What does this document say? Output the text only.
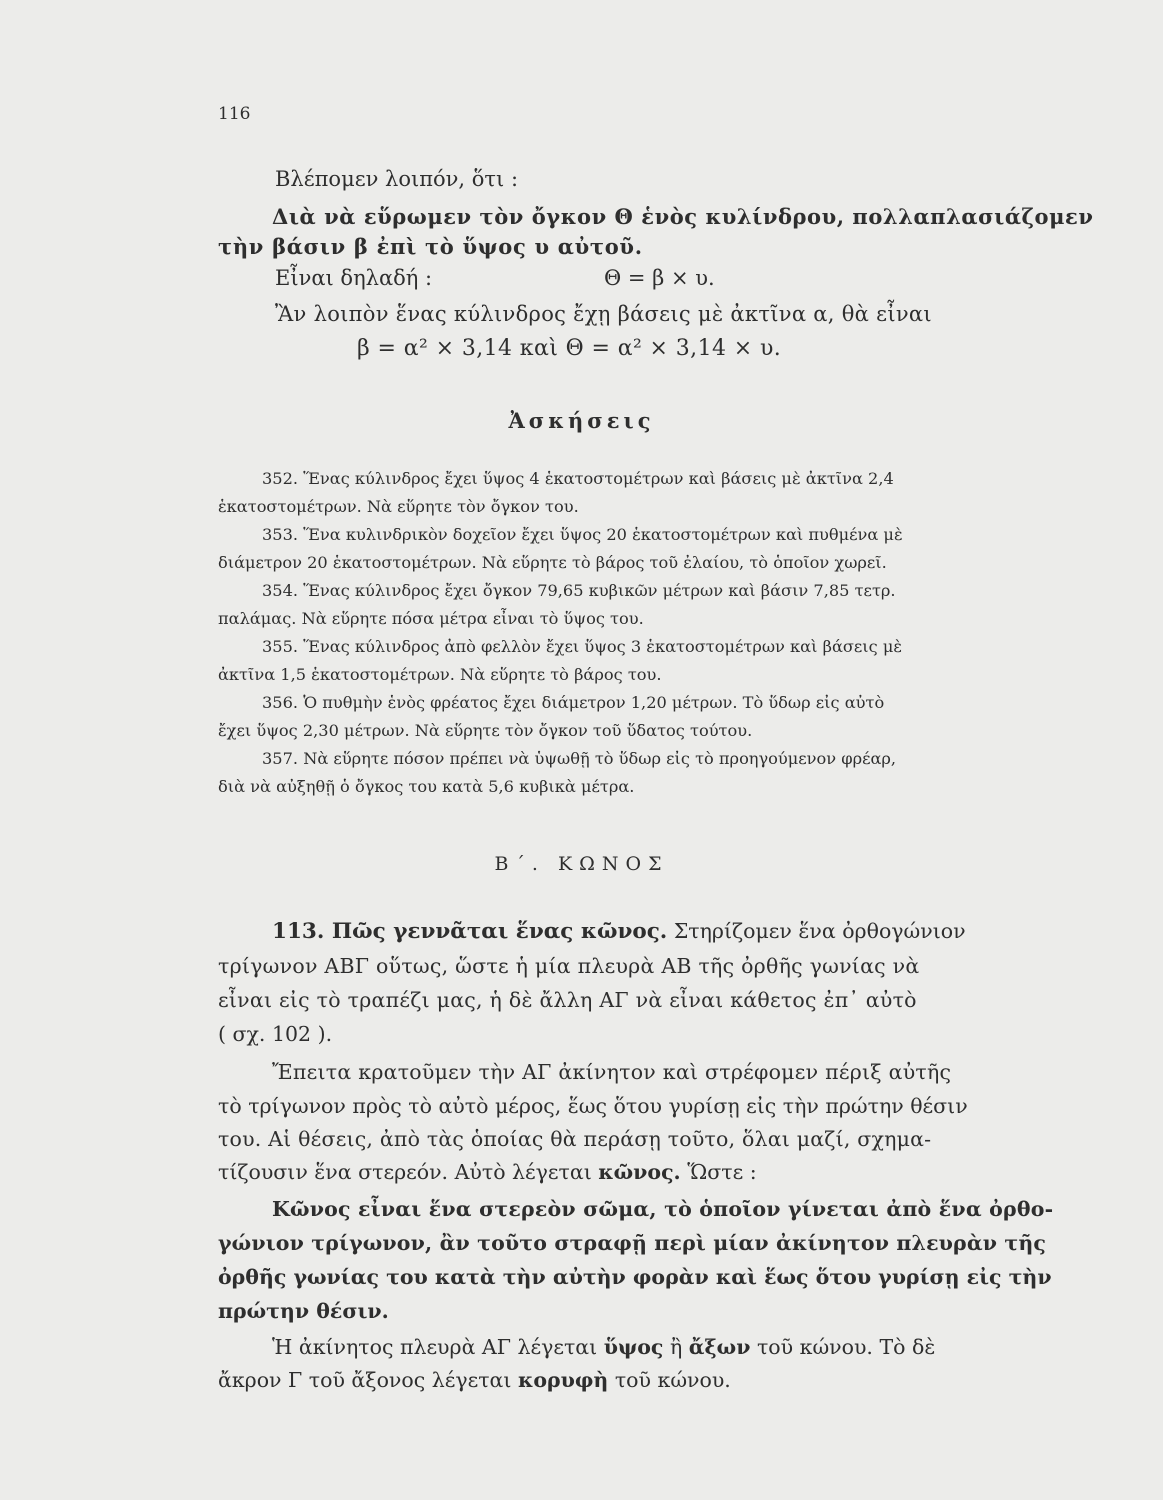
116
Βλέπομεν λοιπόν, ὅτι :
Διὰ νὰ εὕρωμεν τὸν ὄγκον Θ ἑνὸς κυλίνδρου, πολλαπλασιάζομεν
τὴν βάσιν β ἐπὶ τὸ ὕψος υ αὐτοῦ.
Εἶναι δηλαδή :	Θ = β × υ.
Ἂν λοιπὸν ἕνας κύλινδρος ἔχῃ βάσεις μὲ ἀκτῖνα α, θὰ εἶναι
β = α² × 3,14 καὶ Θ = α² × 3,14 × υ.
Ἀσκήσεις
352. Ἕνας κύλινδρος ἔχει ὕψος 4 ἑκατοστομέτρων καὶ βάσεις μὲ ἀκτῖνα 2,4
ἑκατοστομέτρων. Νὰ εὕρητε τὸν ὄγκον του.
353. Ἕνα κυλινδρικὸν δοχεῖον ἔχει ὕψος 20 ἑκατοστομέτρων καὶ πυθμένα μὲ
διάμετρον 20 ἑκατοστομέτρων. Νὰ εὕρητε τὸ βάρος τοῦ ἐλαίου, τὸ ὁποῖον χωρεῖ.
354. Ἕνας κύλινδρος ἔχει ὄγκον 79,65 κυβικῶν μέτρων καὶ βάσιν 7,85 τετρ.
παλάμας. Νὰ εὕρητε πόσα μέτρα εἶναι τὸ ὕψος του.
355. Ἕνας κύλινδρος ἀπὸ φελλὸν ἔχει ὕψος 3 ἑκατοστομέτρων καὶ βάσεις μὲ
ἀκτῖνα 1,5 ἑκατοστομέτρων. Νὰ εὕρητε τὸ βάρος του.
356. Ὁ πυθμὴν ἑνὸς φρέατος ἔχει διάμετρον 1,20 μέτρων. Τὸ ὕδωρ εἰς αὐτὸ
ἔχει ὕψος 2,30 μέτρων. Νὰ εὕρητε τὸν ὄγκον τοῦ ὕδατος τούτου.
357. Νὰ εὕρητε πόσον πρέπει νὰ ὑψωθῇ τὸ ὕδωρ εἰς τὸ προηγούμενον φρέαρ,
διὰ νὰ αὐξηθῇ ὁ ὄγκος του κατὰ 5,6 κυβικὰ μέτρα.
Β΄. ΚΩΝΟΣ
113. Πῶς γεννᾶται ἕνας κῶνος. Στηρίζομεν ἕνα ὀρθογώνιον
τρίγωνον ΑΒΓ οὕτως, ὥστε ἡ μία πλευρὰ ΑΒ τῆς ὀρθῆς γωνίας νὰ
εἶναι εἰς τὸ τραπέζι μας, ἡ δὲ ἄλλη ΑΓ νὰ εἶναι κάθετος ἐπ᾽ αὐτὸ
( σχ. 102 ).
Ἔπειτα κρατοῦμεν τὴν ΑΓ ἀκίνητον καὶ στρέφομεν πέριξ αὐτῆς
τὸ τρίγωνον πρὸς τὸ αὐτὸ μέρος, ἕως ὅτου γυρίσῃ εἰς τὴν πρώτην θέσιν
του. Αἱ θέσεις, ἀπὸ τὰς ὁποίας θὰ περάσῃ τοῦτο, ὅλαι μαζί, σχημα-
τίζουσιν ἕνα στερεόν. Αὐτὸ λέγεται κῶνος. Ὥστε :
Κῶνος εἶναι ἕνα στερεὸν σῶμα, τὸ ὁποῖον γίνεται ἀπὸ ἕνα ὀρθο-
γώνιον τρίγωνον, ἂν τοῦτο στραφῇ περὶ μίαν ἀκίνητον πλευρὰν τῆς
ὀρθῆς γωνίας του κατὰ τὴν αὐτὴν φορὰν καὶ ἕως ὅτου γυρίσῃ εἰς τὴν
πρώτην θέσιν.
Ἡ ἀκίνητος πλευρὰ ΑΓ λέγεται ὕψος ἢ ἄξων τοῦ κώνου. Τὸ δὲ
ἄκρον Γ τοῦ ἄξονος λέγεται κορυφὴ τοῦ κώνου.
